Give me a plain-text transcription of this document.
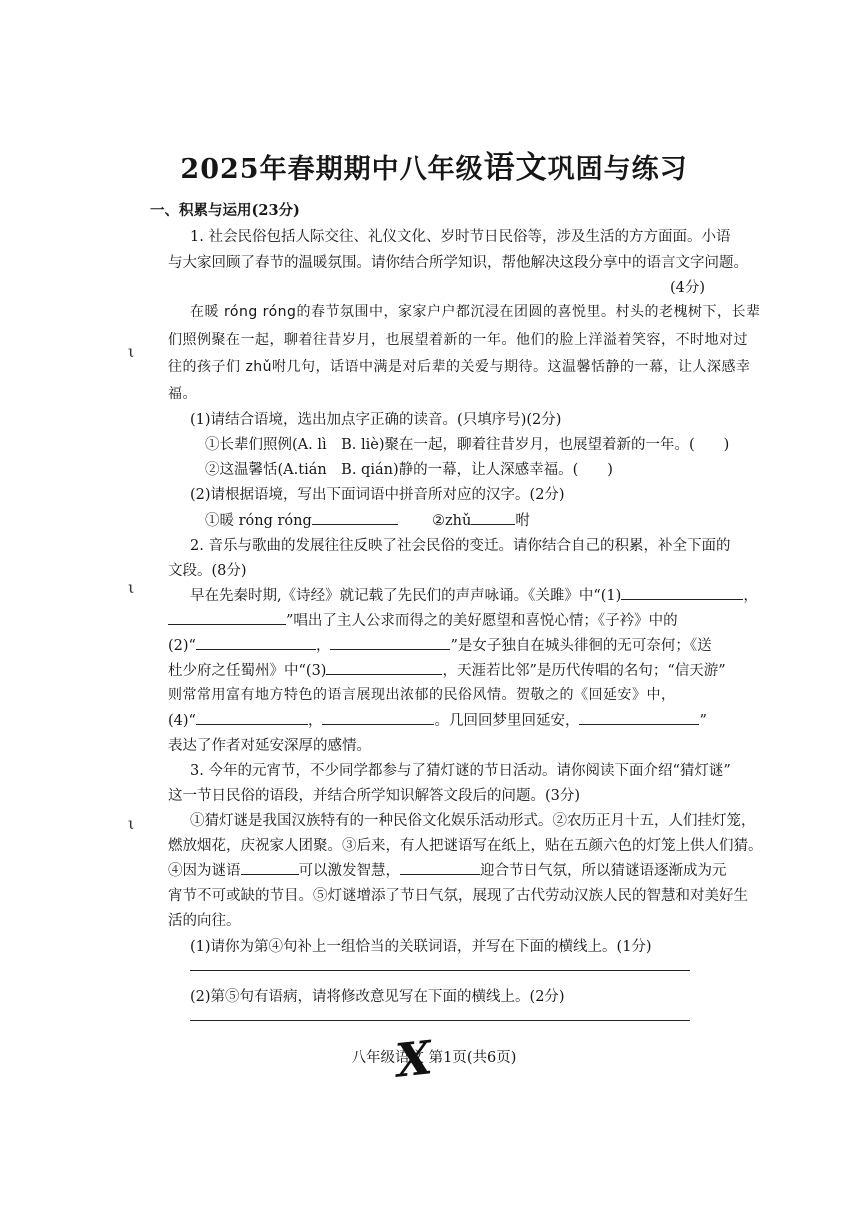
2025年春期期中八年级语文巩固与练习
一、积累与运用(23分)
1. 社会民俗包括人际交往、礼仪文化、岁时节日民俗等，涉及生活的方方面面。小语
与大家回顾了春节的温暖氛围。请你结合所学知识，帮他解决这段分享中的语言文字问题。
(4分)
在暖 róng róng的春节氛围中，家家户户都沉浸在团圆的喜悦里。村头的老槐树下，长辈
们照例聚在一起，聊着往昔岁月，也展望着新的一年。他们的脸上洋溢着笑容，不时地对过
往的孩子们 zhǔ咐几句，话语中满是对后辈的关爱与期待。这温馨恬静的一幕，让人深感幸
福。
(1)请结合语境，选出加点字正确的读音。(只填序号)(2分)
①长辈们照例(A. lì　B. liè)聚在一起，聊着往昔岁月，也展望着新的一年。(　　)
②这温馨恬(A.tián　B. qián)静的一幕，让人深感幸福。(　　)
(2)请根据语境，写出下面词语中拼音所对应的汉字。(2分)
①暖 róng róng	②zhǔ	咐
2. 音乐与歌曲的发展往往反映了社会民俗的变迁。请你结合自己的积累，补全下面的
文段。(8分)
早在先秦时期,《诗经》就记载了先民们的声声咏诵。《关雎》中“(1)	，
”唱出了主人公求而得之的美好愿望和喜悦心情；《子衿》中的
(2)“	，	”是女子独自在城头徘徊的无可奈何；《送
杜少府之任蜀州》中“(3)	，天涯若比邻”是历代传唱的名句；“信天游”
则常常用富有地方特色的语言展现出浓郁的民俗风情。贺敬之的《回延安》中，
(4)“	，	。几回回梦里回延安，	”
表达了作者对延安深厚的感情。
3. 今年的元宵节，不少同学都参与了猜灯谜的节日活动。请你阅读下面介绍“猜灯谜”
这一节日民俗的语段，并结合所学知识解答文段后的问题。(3分)
①猜灯谜是我国汉族特有的一种民俗文化娱乐活动形式。②农历正月十五，人们挂灯笼，
燃放烟花，庆祝家人团聚。③后来，有人把谜语写在纸上，贴在五颜六色的灯笼上供人们猜。
④因为谜语	可以激发智慧，	迎合节日气氛，所以猜谜语逐渐成为元
宵节不可或缺的节目。⑤灯谜增添了节日气氛，展现了古代劳动汉族人民的智慧和对美好生
活的向往。
(1)请你为第④句补上一组恰当的关联词语，并写在下面的横线上。(1分)
(2)第⑤句有语病，请将修改意见写在下面的横线上。(2分)
ι
ι
ι
八年级语文 第1页(共6页)
X
